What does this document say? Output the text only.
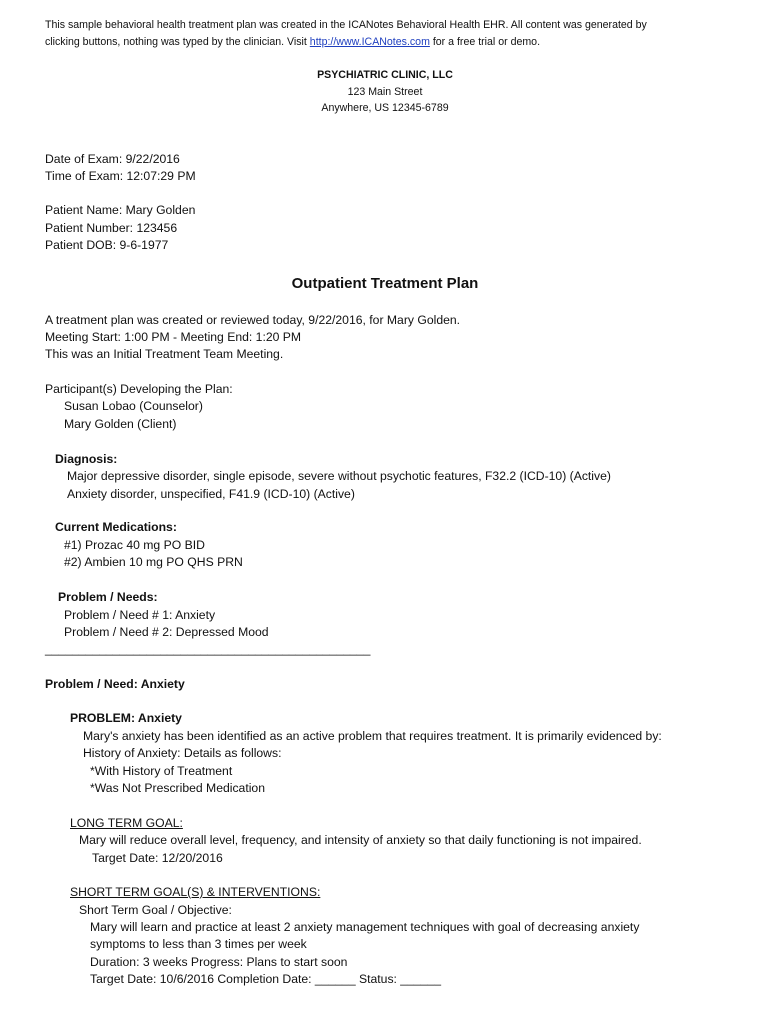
This sample behavioral health treatment plan was created in the ICANotes Behavioral Health EHR. All content was generated by
clicking buttons, nothing was typed by the clinician. Visit http://www.ICANotes.com for a free trial or demo.
PSYCHIATRIC CLINIC, LLC
123 Main Street
Anywhere, US 12345-6789
Date of Exam: 9/22/2016
Time of Exam: 12:07:29 PM
Patient Name: Mary Golden
Patient Number: 123456
Patient DOB: 9-6-1977
Outpatient Treatment Plan
A treatment plan was created or reviewed today, 9/22/2016, for Mary Golden.
Meeting Start: 1:00 PM - Meeting End: 1:20 PM
This was an Initial Treatment Team Meeting.
Participant(s) Developing the Plan:
Susan Lobao (Counselor)
Mary Golden (Client)
Diagnosis:
Major depressive disorder, single episode, severe without psychotic features, F32.2 (ICD-10) (Active)
Anxiety disorder, unspecified, F41.9 (ICD-10) (Active)
Current Medications:
#1) Prozac 40 mg PO BID
#2) Ambien 10 mg PO QHS PRN
Problem / Needs:
Problem / Need # 1: Anxiety
Problem / Need # 2: Depressed Mood
________________________________________________
Problem / Need: Anxiety
PROBLEM: Anxiety
Mary's anxiety has been identified as an active problem that requires treatment. It is primarily evidenced by:
History of Anxiety: Details as follows:
*With History of Treatment
*Was Not Prescribed Medication
LONG TERM GOAL:
Mary will reduce overall level, frequency, and intensity of anxiety so that daily functioning is not impaired.
Target Date: 12/20/2016
SHORT TERM GOAL(S) & INTERVENTIONS:
Short Term Goal / Objective:
Mary will learn and practice at least 2 anxiety management techniques with goal of decreasing anxiety
symptoms to less than 3 times per week
Duration: 3 weeks Progress: Plans to start soon
Target Date: 10/6/2016 Completion Date: ______ Status: ______
